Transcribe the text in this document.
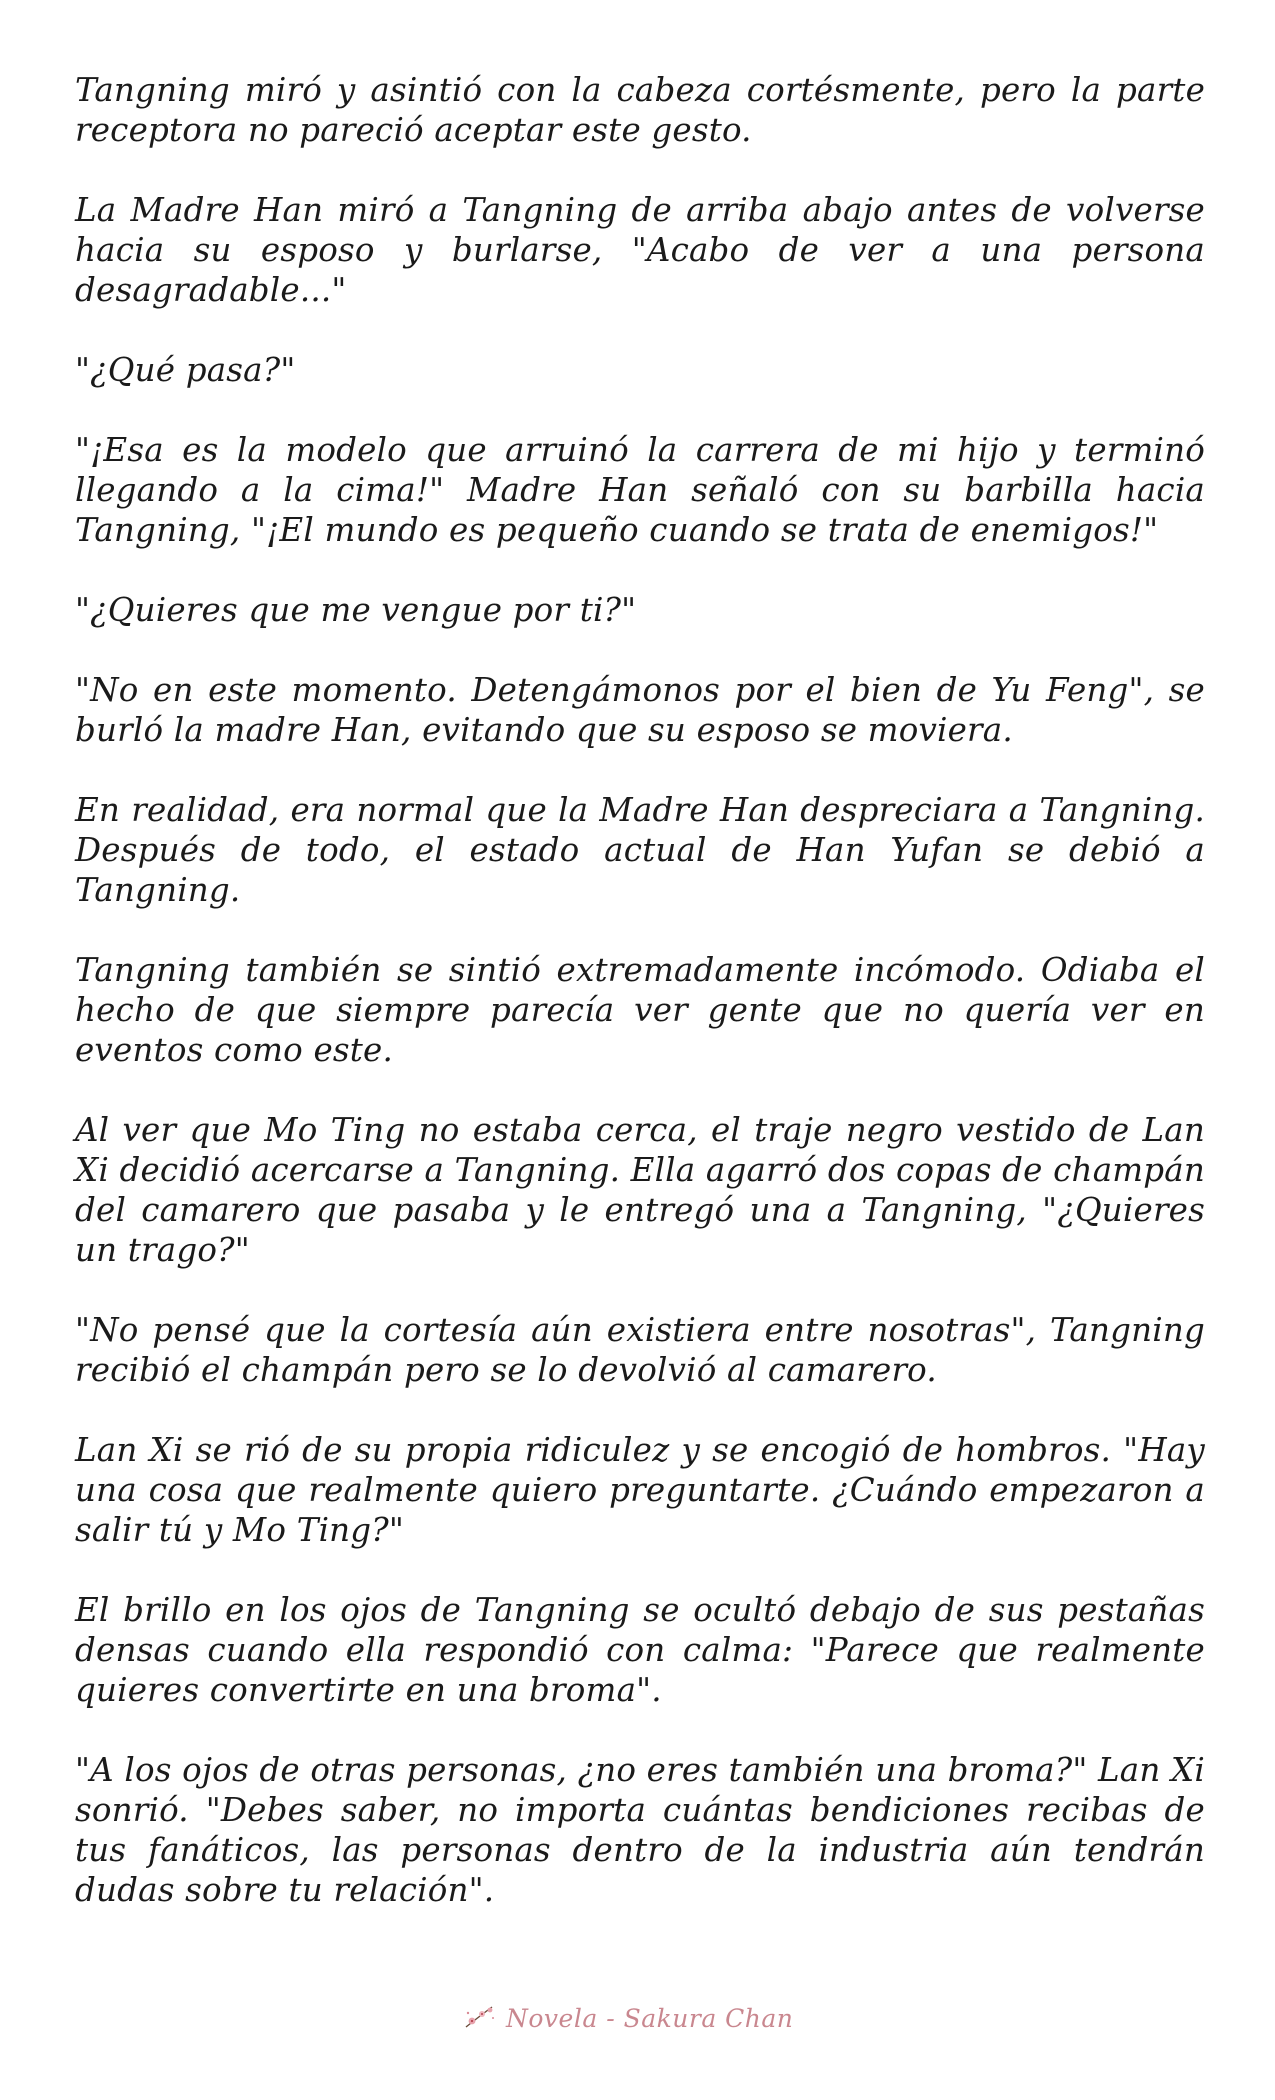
Tangning miró y asintió con la cabeza cortésmente, pero la parte receptora no pareció aceptar este gesto.

La Madre Han miró a Tangning de arriba abajo antes de volverse hacia su esposo y burlarse, "Acabo de ver a una persona desagradable..."

"¿Qué pasa?"

"¡Esa es la modelo que arruinó la carrera de mi hijo y terminó llegando a la cima!" Madre Han señaló con su barbilla hacia Tangning, "¡El mundo es pequeño cuando se trata de enemigos!"

"¿Quieres que me vengue por ti?"

"No en este momento. Detengámonos por el bien de Yu Feng", se burló la madre Han, evitando que su esposo se moviera.

En realidad, era normal que la Madre Han despreciara a Tangning. Después de todo, el estado actual de Han Yufan se debió a Tangning.

Tangning también se sintió extremadamente incómodo. Odiaba el hecho de que siempre parecía ver gente que no quería ver en eventos como este.

Al ver que Mo Ting no estaba cerca, el traje negro vestido de Lan Xi decidió acercarse a Tangning. Ella agarró dos copas de champán del camarero que pasaba y le entregó una a Tangning, "¿Quieres un trago?"

"No pensé que la cortesía aún existiera entre nosotras", Tangning recibió el champán pero se lo devolvió al camarero.

Lan Xi se rió de su propia ridiculez y se encogió de hombros. "Hay una cosa que realmente quiero preguntarte. ¿Cuándo empezaron a salir tú y Mo Ting?"

El brillo en los ojos de Tangning se ocultó debajo de sus pestañas densas cuando ella respondió con calma: "Parece que realmente quieres convertirte en una broma".

"A los ojos de otras personas, ¿no eres también una broma?" Lan Xi sonrió. "Debes saber, no importa cuántas bendiciones recibas de tus fanáticos, las personas dentro de la industria aún tendrán dudas sobre tu relación".

Novela - Sakura Chan
